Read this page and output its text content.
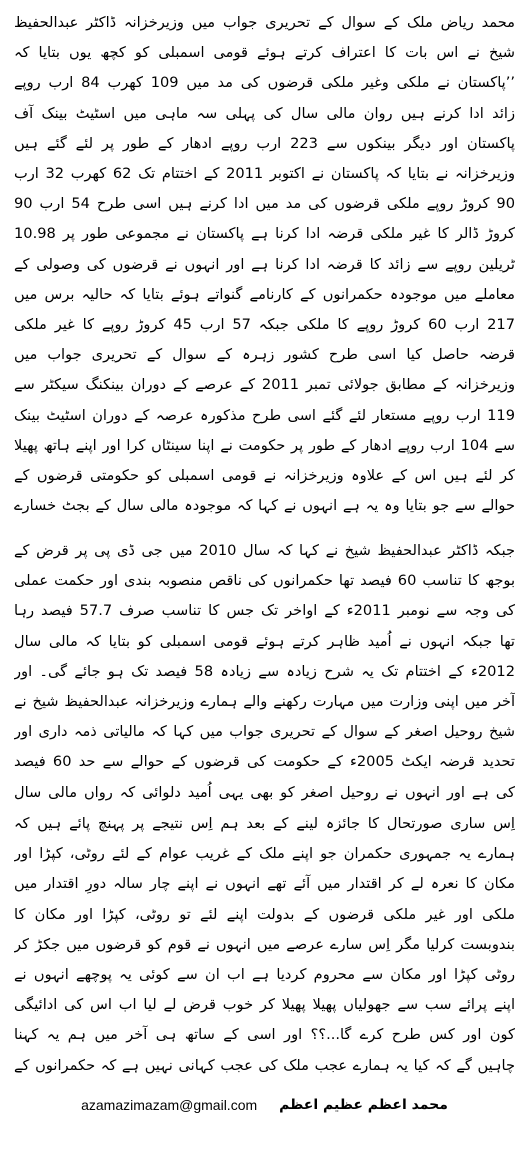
محمد ریاض ملک کے سوال کے تحریری جواب میں وزیرخزانہ ڈاکٹر عبدالحفیظ شیخ نے اس بات کا اعتراف کرتے ہوئے قومی اسمبلی کو کچھ یوں بتایا کہ ’’پاکستان نے ملکی وغیر ملکی قرضوں کی مد میں 109 کھرب 84 ارب روپے زائد ادا کرنے ہیں روان مالی سال کی پہلی سہ ماہی میں اسٹیٹ بینک آف پاکستان اور دیگر بینکوں سے 223 ارب روپے ادھار کے طور پر لئے گئے ہیں وزیرخزانہ نے بتایا کہ پاکستان نے اکتوبر 2011 کے اختتام تک 62 کھرب 32 ارب 90 کروڑ روپے ملکی قرضوں کی مد میں ادا کرنے ہیں اسی طرح 54 ارب 90 کروڑ ڈالر کا غیر ملکی قرضہ ادا کرنا ہے پاکستان نے مجموعی طور پر 10.98 ٹریلین روپے سے زائد کا قرضہ ادا کرنا ہے اور انہوں نے قرضوں کی وصولی کے معاملے میں موجودہ حکمرانوں کے کارنامے گنواتے ہوئے بتایا کہ حالیہ برس میں 217 ارب 60 کروڑ روپے کا ملکی جبکہ 57 ارب 45 کروڑ روپے کا غیر ملکی قرضہ حاصل کیا اسی طرح کشور زہرہ کے سوال کے تحریری جواب میں وزیرخزانہ کے مطابق جولائی تمبر 2011 کے عرصے کے دوران بینکنگ سیکٹر سے 119 ارب روپے مستعار لئے گئے اسی طرح مذکورہ عرصہ کے دوران اسٹیٹ بینک سے 104 ارب روپے ادھار کے طور پر حکومت نے اپنا سینٹاں کرا اور اپنے ہاتھ پھیلا کر لئے ہیں اس کے علاوہ وزیرخزانہ نے قومی اسمبلی کو حکومتی قرضوں کے حوالے سے جو بتایا وہ یہ ہے انہوں نے کہا کہ موجودہ مالی سال کے بجٹ خسارے

جبکہ ڈاکٹر عبدالحفیظ شیخ نے کہا کہ سال 2010 میں جی ڈی پی پر قرض کے بوجھ کا تناسب 60 فیصد تھا حکمرانوں کی ناقص منصوبہ بندی اور حکمت عملی کی وجہ سے نومبر 2011ء کے اواخر تک جس کا تناسب صرف 57.7 فیصد رہا تھا جبکہ انہوں نے اُمید ظاہر کرتے ہوئے قومی اسمبلی کو بتایا کہ مالی سال 2012ء کے اختتام تک یہ شرح زیادہ سے زیادہ 58 فیصد تک ہو جائے گی۔ اور آخر میں اپنی وزارت میں مہارت رکھنے والے ہمارے وزیرخزانہ عبدالحفیظ شیخ نے شیخ روحیل اصغر کے سوال کے تحریری جواب میں کہا کہ مالیاتی ذمہ داری اور تحدید قرضہ ایکٹ 2005ء کے حکومت کی قرضوں کے حوالے سے حد 60 فیصد کی ہے اور انہوں نے روحیل اصغر کو بھی یہی اُمید دلوائی کہ رواں مالی سال

اِس ساری صورتحال کا جائزہ لینے کے بعد ہم اِس نتیجے پر پہنچ پائے ہیں کہ ہمارے یہ جمہوری حکمران جو اپنے ملک کے غریب عوام کے لئے روٹی، کپڑا اور مکان کا نعرہ لے کر اقتدار میں آئے تھے انہوں نے اپنے چار سالہ دورِ اقتدار میں ملکی اور غیر ملکی قرضوں کے بدولت اپنے لئے تو روٹی، کپڑا اور مکان کا بندوبست کرلیا مگر اِس سارے عرصے میں انہوں نے قوم کو قرضوں میں جکڑ کر روٹی کپڑا اور مکان سے محروم کردیا ہے اب ان سے کوئی یہ پوچھے انہوں نے اپنے پرائے سب سے جھولیاں پھیلا پھیلا کر خوب قرض لے لیا اب اس کی ادائیگی کون اور کس طرح کرے گا...؟؟ اور اسی کے ساتھ ہی آخر میں ہم یہ کہنا چاہیں گے کہ کیا یہ ہمارے عجب ملک کی عجب کہانی نہیں ہے کہ حکمرانوں کے

azamazimazam@gmail.com محمد اعظم عظیم اعظم
